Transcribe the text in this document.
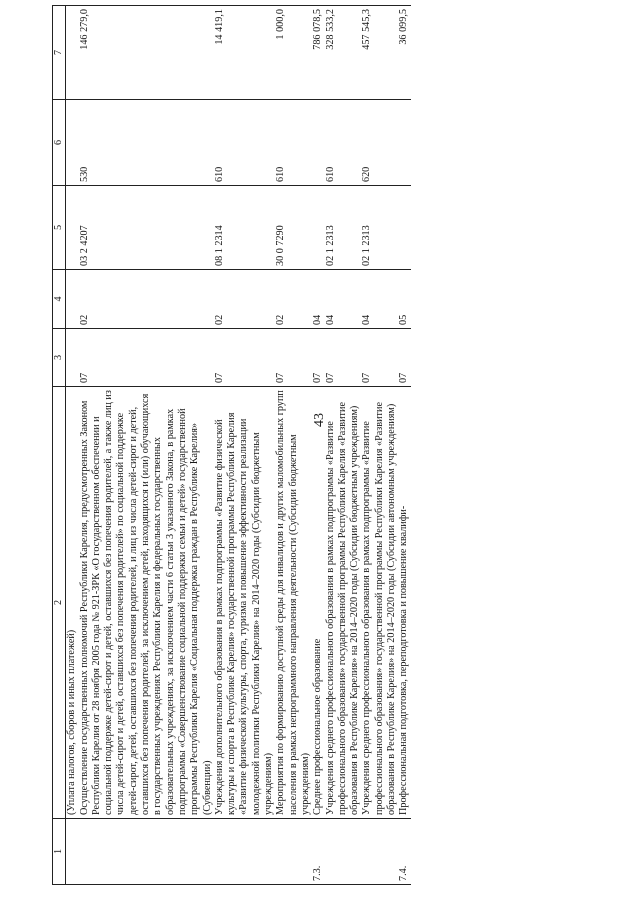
43
1	2	3	4	5	6	7
	(Уплата налогов, сборов и иных платежей)					
	Осуществление государственных полномочий Республики Карелия, предусмотренных Законом Республики Карелия от 28 ноября 2005 года № 921-ЗРК «О государственном обеспечении и социальной поддержке детей-сирот и детей, оставшихся без попечения родителей, а также лиц из числа детей-сирот и детей, оставшихся без попечения родителей» по социальной поддержке детей-сирот, детей, оставшихся без попечения родителей, и лиц из числа детей-сирот и детей, оставшихся без попечения родителей, за исключением детей, находящихся и (или) обучающихся в государственных учреждениях Республики Карелия и федеральных государственных образовательных учреждениях, за исключением части 6 статьи 3 указанного Закона, в рамках подпрограммы «Совершенствование социальной поддержки семьи и детей» государственной программы Республики Карелия «Социальная поддержка граждан в Республике Карелия» (Субвенции)	07	02	03 2 4207	530	146 279,0
	Учреждения дополнительного образования в рамках подпрограммы «Развитие физической культуры и спорта в Республике Карелия» государственной программы Республики Карелия «Развитие физической культуры, спорта, туризма и повышение эффективности реализации молодежной политики Республики Карелия» на 2014–2020 годы (Субсидии бюджетным учреждениям)	07	02	08 1 2314	610	14 419,1
	Мероприятия по формированию доступной среды для инвалидов и других маломобильных групп населения в рамках непрограммного направления деятельности (Субсидии бюджетным учреждениям)	07	02	30 0 7290	610	1 000,0
7.3.	Среднее профессиональное образование	07	04			786 078,5
	Учреждения среднего профессионального образования в рамках подпрограммы «Развитие профессионального образования» государственной программы Республики Карелия «Развитие образования в Республике Карелия» на 2014–2020 годы (Субсидии бюджетным учреждениям)	07	04	02 1 2313	610	328 533,2
	Учреждения среднего профессионального образования в рамках подпрограммы «Развитие профессионального образования» государственной программы Республики Карелия «Развитие образования в Республике Карелия» на 2014–2020 годы (Субсидии автономным учреждениям)	07	04	02 1 2313	620	457 545,3
7.4.	Профессиональная подготовка, переподготовка и повышение квалифи-	07	05			36 099,5
